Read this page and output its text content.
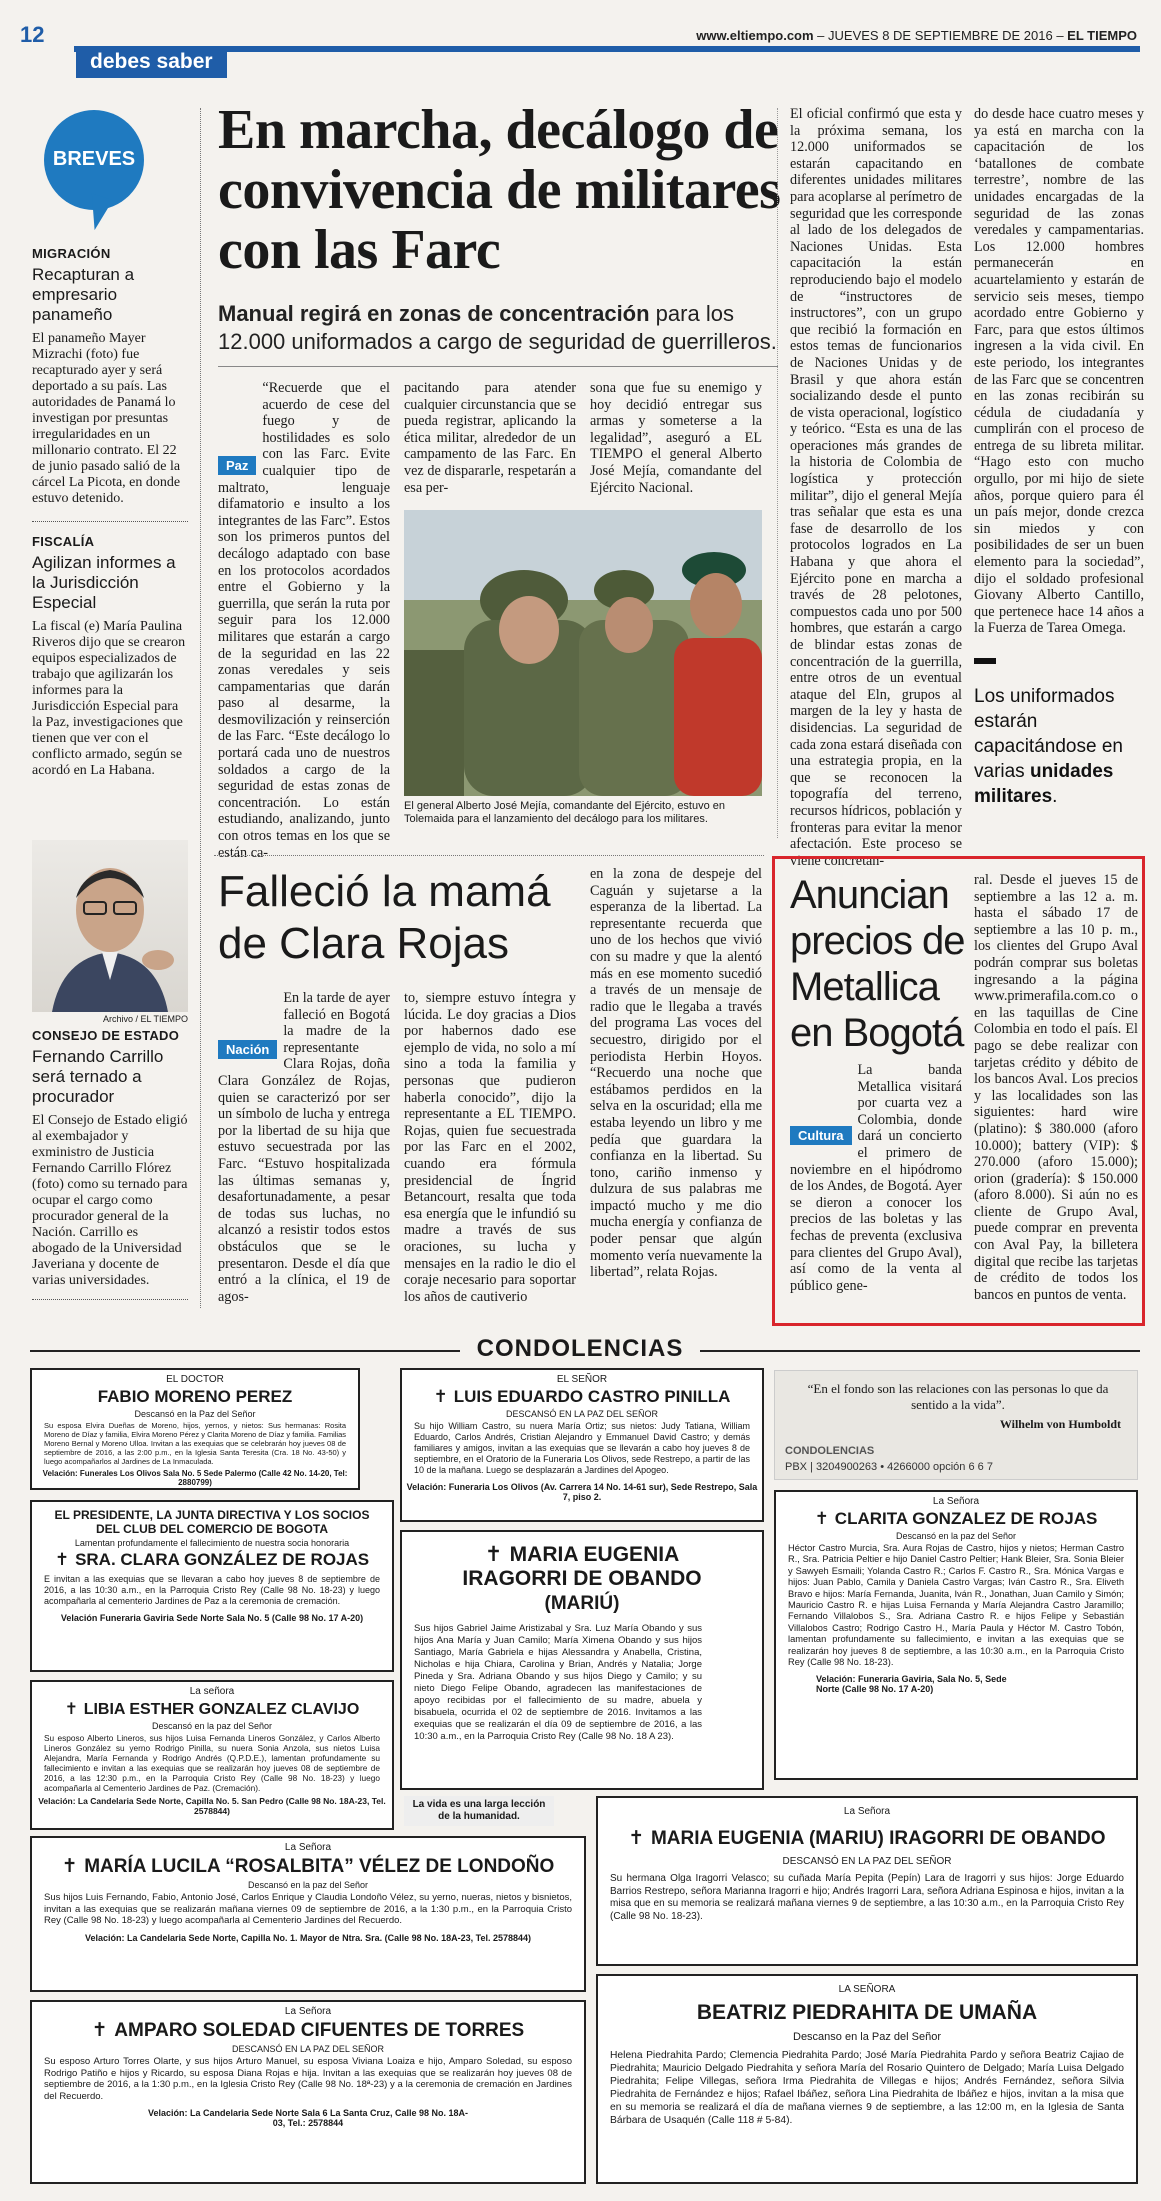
12	www.eltiempo.com – JUEVES 8 DE SEPTIEMBRE DE 2016 – EL TIEMPO
debes saber
BREVES
MIGRACIÓN
Recapturan a empresario panameño
El panameño Mayer Mizrachi (foto) fue recapturado ayer y será deportado a su país. Las autoridades de Panamá lo investigan por presuntas irregularidades en un millonario contrato. El 22 de junio pasado salió de la cárcel La Picota, en donde estuvo detenido.
FISCALÍA
Agilizan informes a la Jurisdicción Especial
La fiscal (e) María Paulina Riveros dijo que se crearon equipos especializados de trabajo que agilizarán los informes para la Jurisdicción Especial para la Paz, investigaciones que tienen que ver con el conflicto armado, según se acordó en La Habana.
Archivo / EL TIEMPO
CONSEJO DE ESTADO
Fernando Carrillo será ternado a procurador
El Consejo de Estado eligió al exembajador y exministro de Justicia Fernando Carrillo Flórez (foto) como su ternado para ocupar el cargo como procurador general de la Nación. Carrillo es abogado de la Universidad Javeriana y docente de varias universidades.
En marcha, decálogo de convivencia de militares con las Farc
Manual regirá en zonas de concentración para los 12.000 uniformados a cargo de seguridad de guerrilleros.
Paz

“Recuerde que el acuerdo de cese del fuego y de hostilidades es solo con las Farc. Evite cualquier tipo de maltrato, lenguaje difamatorio e insulto a los integrantes de las Farc”. Estos son los primeros puntos del decálogo adaptado con base en los protocolos acordados entre el Gobierno y la guerrilla, que serán la ruta por seguir para los 12.000 militares que estarán a cargo de la seguridad en las 22 zonas veredales y seis campamentarias que darán paso al desarme, la desmovilización y reinserción de las Farc. “Este decálogo lo portará cada uno de nuestros soldados a cargo de la seguridad de estas zonas de concentración. Lo están estudiando, analizando, junto con otros temas en los que se están ca-

pacitando para atender cualquier circunstancia que se pueda registrar, aplicando la ética militar, alrededor de un campamento de las Farc. En vez de dispararle, respetarán a esa per-

sona que fue su enemigo y hoy decidió entregar sus armas y someterse a la legalidad”, aseguró a EL TIEMPO el general Alberto José Mejía, comandante del Ejército Nacional.

El general Alberto José Mejía, comandante del Ejército, estuvo en Tolemaida para el lanzamiento del decálogo para los militares.

El oficial confirmó que esta y la próxima semana, los 12.000 uniformados se estarán capacitando en diferentes unidades militares para acoplarse al perímetro de seguridad que les corresponde al lado de los delegados de Naciones Unidas. Esta capacitación la están reproduciendo bajo el modelo de “instructores de instructores”, con un grupo que recibió la formación en estos temas de funcionarios de Naciones Unidas y de Brasil y que ahora están socializando desde el punto de vista operacional, logístico y teórico. “Esta es una de las operaciones más grandes de la historia de Colombia de logística y protección militar”, dijo el general Mejía tras señalar que esta es una fase de desarrollo de los protocolos logrados en La Habana y que ahora el Ejército pone en marcha a través de 28 pelotones, compuestos cada uno por 500 hombres, que estarán a cargo de blindar estas zonas de concentración de la guerrilla, entre otros de un eventual ataque del Eln, grupos al margen de la ley y hasta de disidencias. La seguridad de cada zona estará diseñada con una estrategia propia, en la que se reconocen la topografía del terreno, recursos hídricos, población y fronteras para evitar la menor afectación. Este proceso se viene concretan-

do desde hace cuatro meses y ya está en marcha con la capacitación de los ‘batallones de combate terrestre’, nombre de las unidades encargadas de la seguridad de las zonas veredales y campamentarias. Los 12.000 hombres permanecerán en acuartelamiento y estarán de servicio seis meses, tiempo acordado entre Gobierno y Farc, para que estos últimos ingresen a la vida civil. En este periodo, los integrantes de las Farc que se concentren en las zonas recibirán su cédula de ciudadanía y cumplirán con el proceso de entrega de su libreta militar. “Hago esto con mucho orgullo, por mi hijo de siete años, porque quiero para él un país mejor, donde crezca sin miedos y con posibilidades de ser un buen elemento para la sociedad”, dijo el soldado profesional Giovany Alberto Cantillo, que pertenece hace 14 años a la Fuerza de Tarea Omega.

Los uniformados estarán capacitándose en varias unidades militares.
Falleció la mamá de Clara Rojas
Nación

En la tarde de ayer falleció en Bogotá la madre de la representante Clara Rojas, doña Clara González de Rojas, quien se caracterizó por ser un símbolo de lucha y entrega por la libertad de su hija que estuvo secuestrada por las Farc. “Estuvo hospitalizada las últimas semanas y, desafortunadamente, a pesar de todas sus luchas, no alcanzó a resistir todos estos obstáculos que se le presentaron. Desde el día que entró a la clínica, el 19 de agos-

to, siempre estuvo íntegra y lúcida. Le doy gracias a Dios por habernos dado ese ejemplo de vida, no solo a mí sino a toda la familia y personas que pudieron haberla conocido”, dijo la representante a EL TIEMPO. Rojas, quien fue secuestrada por las Farc en el 2002, cuando era fórmula presidencial de Íngrid Betancourt, resalta que toda esa energía que le infundió su madre a través de sus oraciones, su lucha y mensajes en la radio le dio el coraje necesario para soportar los años de cautiverio

en la zona de despeje del Caguán y sujetarse a la esperanza de la libertad. La representante recuerda que uno de los hechos que vivió con su madre y que la alentó más en ese momento sucedió a través de un mensaje de radio que le llegaba a través del programa Las voces del secuestro, dirigido por el periodista Herbin Hoyos. “Recuerdo una noche que estábamos perdidos en la selva en la oscuridad; ella me estaba leyendo un libro y me pedía que guardara la confianza en la libertad. Su tono, cariño inmenso y dulzura de sus palabras me impactó mucho y me dio mucha energía y confianza de poder pensar que algún momento vería nuevamente la libertad”, relata Rojas.

Anuncian precios de Metallica en Bogotá
Cultura

La banda Metallica visitará por cuarta vez a Colombia, donde dará un concierto el primero de noviembre en el hipódromo de los Andes, de Bogotá. Ayer se dieron a conocer los precios de las boletas y las fechas de preventa (exclusiva para clientes del Grupo Aval), así como de la venta al público gene-

ral. Desde el jueves 15 de septiembre a las 12 a. m. hasta el sábado 17 de septiembre a las 10 p. m., los clientes del Grupo Aval podrán comprar sus boletas ingresando a la página www.primerafila.com.co o en las taquillas de Cine Colombia en todo el país. El pago se debe realizar con tarjetas crédito y débito de los bancos Aval. Los precios y las localidades son las siguientes: hard wire (platino): $ 380.000 (aforo 10.000); battery (VIP): $ 270.000 (aforo 15.000); orion (gradería): $ 150.000 (aforo 8.000). Si aún no es cliente de Grupo Aval, puede comprar en preventa con Aval Pay, la billetera digital que recibe las tarjetas de crédito de todos los bancos en puntos de venta.

CONDOLENCIAS
“En el fondo son las relaciones con las personas lo que da sentido a la vida”.
Wilhelm von Humboldt
CONDOLENCIAS
PBX | 3204900263 • 4266000 opción 6 6 7
EL DOCTOR
FABIO MORENO PEREZ
Descansó en la Paz del Señor
Su esposa Elvira Dueñas de Moreno, hijos, yernos, y nietos: Sus hermanas: Rosita Moreno de Díaz y familia, Elvira Moreno Pérez y Clarita Moreno de Díaz y familia. Familias Moreno Bernal y Moreno Ulloa. Invitan a las exequias que se celebrarán hoy jueves 08 de septiembre de 2016, a las 2:00 p.m., en la Iglesia Santa Teresita (Cra. 18 No. 43-50) y luego acompañarlos al Jardines de La Inmaculada.
Velación: Funerales Los Olivos Sala No. 5 Sede Palermo (Calle 42 No. 14-20, Tel: 2880799)
EL SEÑOR
✝ LUIS EDUARDO CASTRO PINILLA
DESCANSÓ EN LA PAZ DEL SEÑOR
Su hijo William Castro, su nuera María Ortiz; sus nietos: Judy Tatiana, William Eduardo, Carlos Andrés, Cristian Alejandro y Emmanuel David Castro; y demás familiares y amigos, invitan a las exequias que se llevarán a cabo hoy jueves 8 de septiembre, en el Oratorio de la Funeraria Los Olivos, sede Restrepo, a partir de las 10 de la mañana. Luego se desplazarán a Jardines del Apogeo.
Velación: Funeraria Los Olivos (Av. Carrera 14 No. 14-61 sur), Sede Restrepo, Sala 7, piso 2.
EL PRESIDENTE, LA JUNTA DIRECTIVA Y LOS SOCIOS DEL CLUB DEL COMERCIO DE BOGOTA
Lamentan profundamente el fallecimiento de nuestra socia honoraria
✝ SRA. CLARA GONZÁLEZ DE ROJAS
E invitan a las exequias que se llevaran a cabo hoy jueves 8 de septiembre de 2016, a las 10:30 a.m., en la Parroquia Cristo Rey (Calle 98 No. 18-23) y luego acompañarla al cementerio Jardines de Paz a la ceremonia de cremación.
Velación Funeraria Gaviria Sede Norte Sala No. 5 (Calle 98 No. 17 A-20)
✝ MARIA EUGENIA IRAGORRI DE OBANDO
(MARIÚ)
Sus hijos Gabriel Jaime Aristizabal y Sra. Luz María Obando y sus hijos Ana María y Juan Camilo; María Ximena Obando y sus hijos Santiago, María Gabriela e hijas Alessandra y Anabella, Cristina, Nicholas e hija Chiara, Carolina y Brian, Andrés y Natalia; Jorge Pineda y Sra. Adriana Obando y sus hijos Diego y Camilo; y su nieto Diego Felipe Obando, agradecen las manifestaciones de apoyo recibidas por el fallecimiento de su madre, abuela y bisabuela, ocurrida el 02 de septiembre de 2016. Invitamos a las exequias que se realizarán el día 09 de septiembre de 2016, a las 10:30 a.m., en la Parroquia Cristo Rey (Calle 98 No. 18 A 23).
La Señora
✝ CLARITA GONZALEZ DE ROJAS
Descansó en la paz del Señor
Héctor Castro Murcia, Sra. Aura Rojas de Castro, hijos y nietos; Herman Castro R., Sra. Patricia Peltier e hijo Daniel Castro Peltier; Hank Bleier, Sra. Sonia Bleier y Sawyeh Esmaili; Yolanda Castro R.; Carlos F. Castro R., Sra. Mónica Vargas e hijos: Juan Pablo, Camila y Daniela Castro Vargas; Iván Castro R., Sra. Eliveth Bravo e hijos: María Fernanda, Juanita, Iván R., Jonathan, Juan Camilo y Simón; Mauricio Castro R. e hijas Luisa Fernanda y María Alejandra Castro Jaramillo; Fernando Villalobos S., Sra. Adriana Castro R. e hijos Felipe y Sebastián Villalobos Castro; Rodrigo Castro H., María Paula y Héctor M. Castro Tobón, lamentan profundamente su fallecimiento, e invitan a las exequias que se realizarán hoy jueves 8 de septiembre, a las 10:30 a.m., en la Parroquia Cristo Rey (Calle 98 No. 18-23).
Velación: Funeraria Gaviria, Sala No. 5, Sede Norte (Calle 98 No. 17 A-20)
La señora
✝ LIBIA ESTHER GONZALEZ CLAVIJO
Descansó en la paz del Señor
Su esposo Alberto Lineros, sus hijos Luisa Fernanda Lineros González, y Carlos Alberto Lineros González su yerno Rodrigo Pinilla, su nuera Sonia Anzola, sus nietos Luisa Alejandra, María Fernanda y Rodrigo Andrés (Q.P.D.E.), lamentan profundamente su fallecimiento e invitan a las exequias que se realizarán hoy jueves 08 de septiembre de 2016, a las 12:30 p.m., en la Parroquia Cristo Rey (Calle 98 No. 18-23) y luego acompañarla al Cementerio Jardines de Paz. (Cremación).
Velación: La Candelaria Sede Norte, Capilla No. 5. San Pedro (Calle 98 No. 18A-23, Tel. 2578844)
La vida es una larga lección de la humanidad.
La Señora
✝ MARÍA LUCILA “ROSALBITA” VÉLEZ DE LONDOÑO
Descansó en la paz del Señor
Sus hijos Luis Fernando, Fabio, Antonio José, Carlos Enrique y Claudia Londoño Vélez, su yerno, nueras, nietos y bisnietos, invitan a las exequias que se realizarán mañana viernes 09 de septiembre de 2016, a la 1:30 p.m., en la Parroquia Cristo Rey (Calle 98 No. 18-23) y luego acompañarla al Cementerio Jardines del Recuerdo.
Velación: La Candelaria Sede Norte, Capilla No. 1. Mayor de Ntra. Sra. (Calle 98 No. 18A-23, Tel. 2578844)
La Señora
✝ MARIA EUGENIA (MARIU) IRAGORRI DE OBANDO
DESCANSÓ EN LA PAZ DEL SEÑOR
Su hermana Olga Iragorri Velasco; su cuñada María Pepita (Pepín) Lara de Iragorri y sus hijos: Jorge Eduardo Barrios Restrepo, señora Marianna Iragorri e hijo; Andrés Iragorri Lara, señora Adriana Espinosa e hijos, invitan a la misa que en su memoria se realizará mañana viernes 9 de septiembre, a las 10:30 a.m., en la Parroquia Cristo Rey (Calle 98 No. 18-23).
La Señora
✝ AMPARO SOLEDAD CIFUENTES DE TORRES
DESCANSÓ EN LA PAZ DEL SEÑOR
Su esposo Arturo Torres Olarte, y sus hijos Arturo Manuel, su esposa Viviana Loaiza e hijo, Amparo Soledad, su esposo Rodrigo Patiño e hijos y Ricardo, su esposa Diana Rojas e hija. Invitan a las exequias que se realizarán hoy jueves 08 de septiembre de 2016, a la 1:30 p.m., en la Iglesia Cristo Rey (Calle 98 No. 18ª-23) y a la ceremonia de cremación en Jardines del Recuerdo.
Velación: La Candelaria Sede Norte Sala 6 La Santa Cruz, Calle 98 No. 18A-03, Tel.: 2578844
LA SEÑORA
BEATRIZ PIEDRAHITA DE UMAÑA
Descanso en la Paz del Señor
Helena Piedrahita Pardo; Clemencia Piedrahita Pardo; José María Piedrahita Pardo y señora Beatriz Cajiao de Piedrahita; Mauricio Delgado Piedrahita y señora María del Rosario Quintero de Delgado; María Luisa Delgado Piedrahita; Felipe Villegas, señora Irma Piedrahita de Villegas e hijos; Andrés Fernández, señora Silvia Piedrahita de Fernández e hijos; Rafael Ibáñez, señora Lina Piedrahita de Ibáñez e hijos, invitan a la misa que en su memoria se realizará el día de mañana viernes 9 de septiembre, a las 12:00 m, en la Iglesia de Santa Bárbara de Usaquén (Calle 118 # 5-84).
